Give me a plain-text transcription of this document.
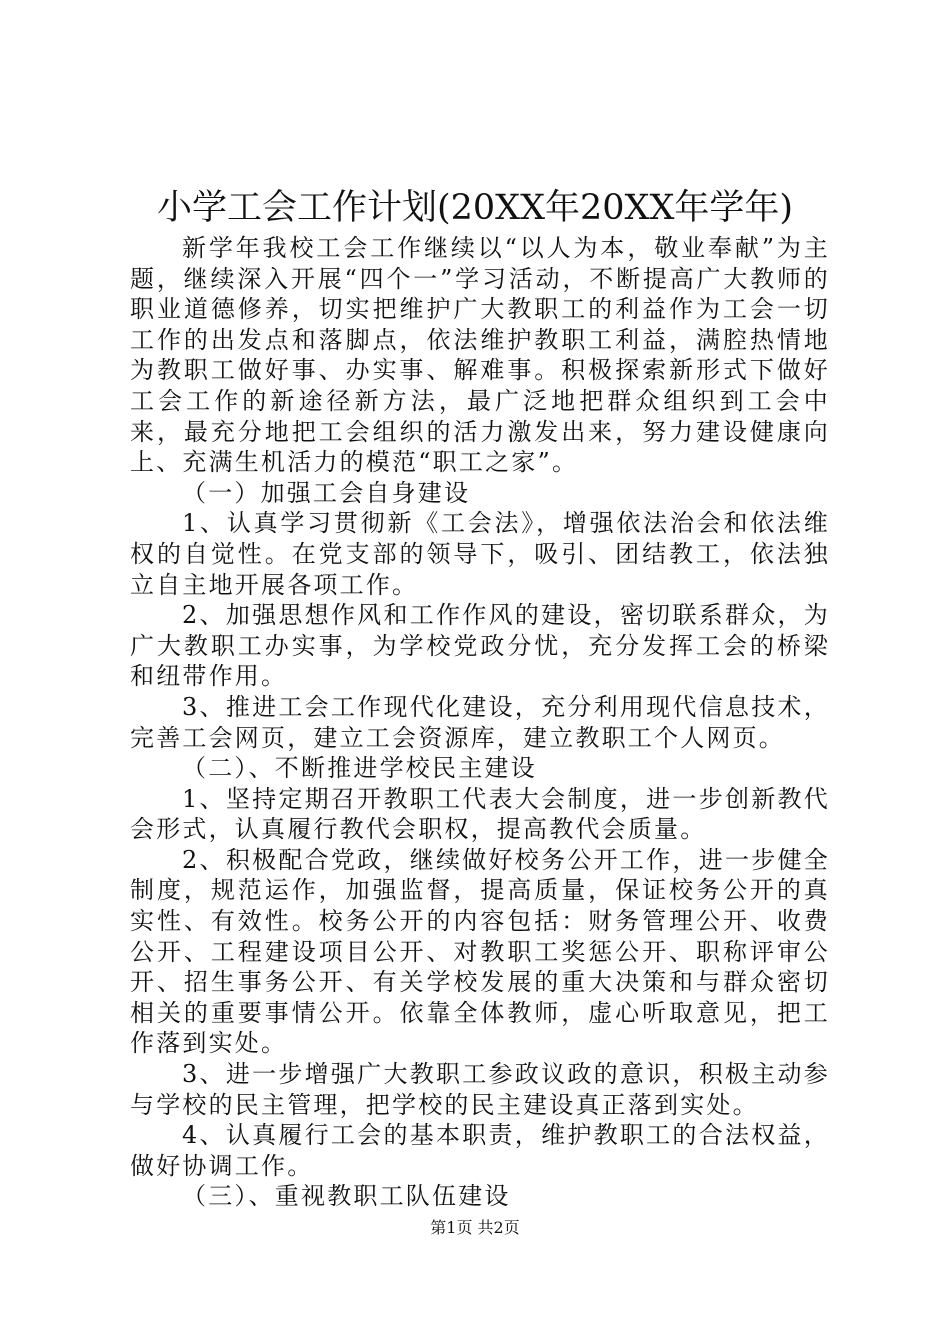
小学工会工作计划(20XX年20XX年学年)

新学年我校工会工作继续以“以人为本，敬业奉献”为主题，继续深入开展“四个一”学习活动，不断提高广大教师的职业道德修养，切实把维护广大教职工的利益作为工会一切工作的出发点和落脚点，依法维护教职工利益，满腔热情地为教职工做好事、办实事、解难事。积极探索新形式下做好工会工作的新途径新方法，最广泛地把群众组织到工会中来，最充分地把工会组织的活力激发出来，努力建设健康向上、充满生机活力的模范“职工之家”。

（一）加强工会自身建设

1、认真学习贯彻新《工会法》，增强依法治会和依法维权的自觉性。在党支部的领导下，吸引、团结教工，依法独立自主地开展各项工作。

2、加强思想作风和工作作风的建设，密切联系群众，为广大教职工办实事，为学校党政分忧，充分发挥工会的桥梁和纽带作用。

3、推进工会工作现代化建设，充分利用现代信息技术，完善工会网页，建立工会资源库，建立教职工个人网页。

（二）、不断推进学校民主建设

1、坚持定期召开教职工代表大会制度，进一步创新教代会形式，认真履行教代会职权，提高教代会质量。

2、积极配合党政，继续做好校务公开工作，进一步健全制度，规范运作，加强监督，提高质量，保证校务公开的真实性、有效性。校务公开的内容包括：财务管理公开、收费公开、工程建设项目公开、对教职工奖惩公开、职称评审公开、招生事务公开、有关学校发展的重大决策和与群众密切相关的重要事情公开。依靠全体教师，虚心听取意见，把工作落到实处。

3、进一步增强广大教职工参政议政的意识，积极主动参与学校的民主管理，把学校的民主建设真正落到实处。

4、认真履行工会的基本职责，维护教职工的合法权益，做好协调工作。

（三）、重视教职工队伍建设

第1页 共2页
